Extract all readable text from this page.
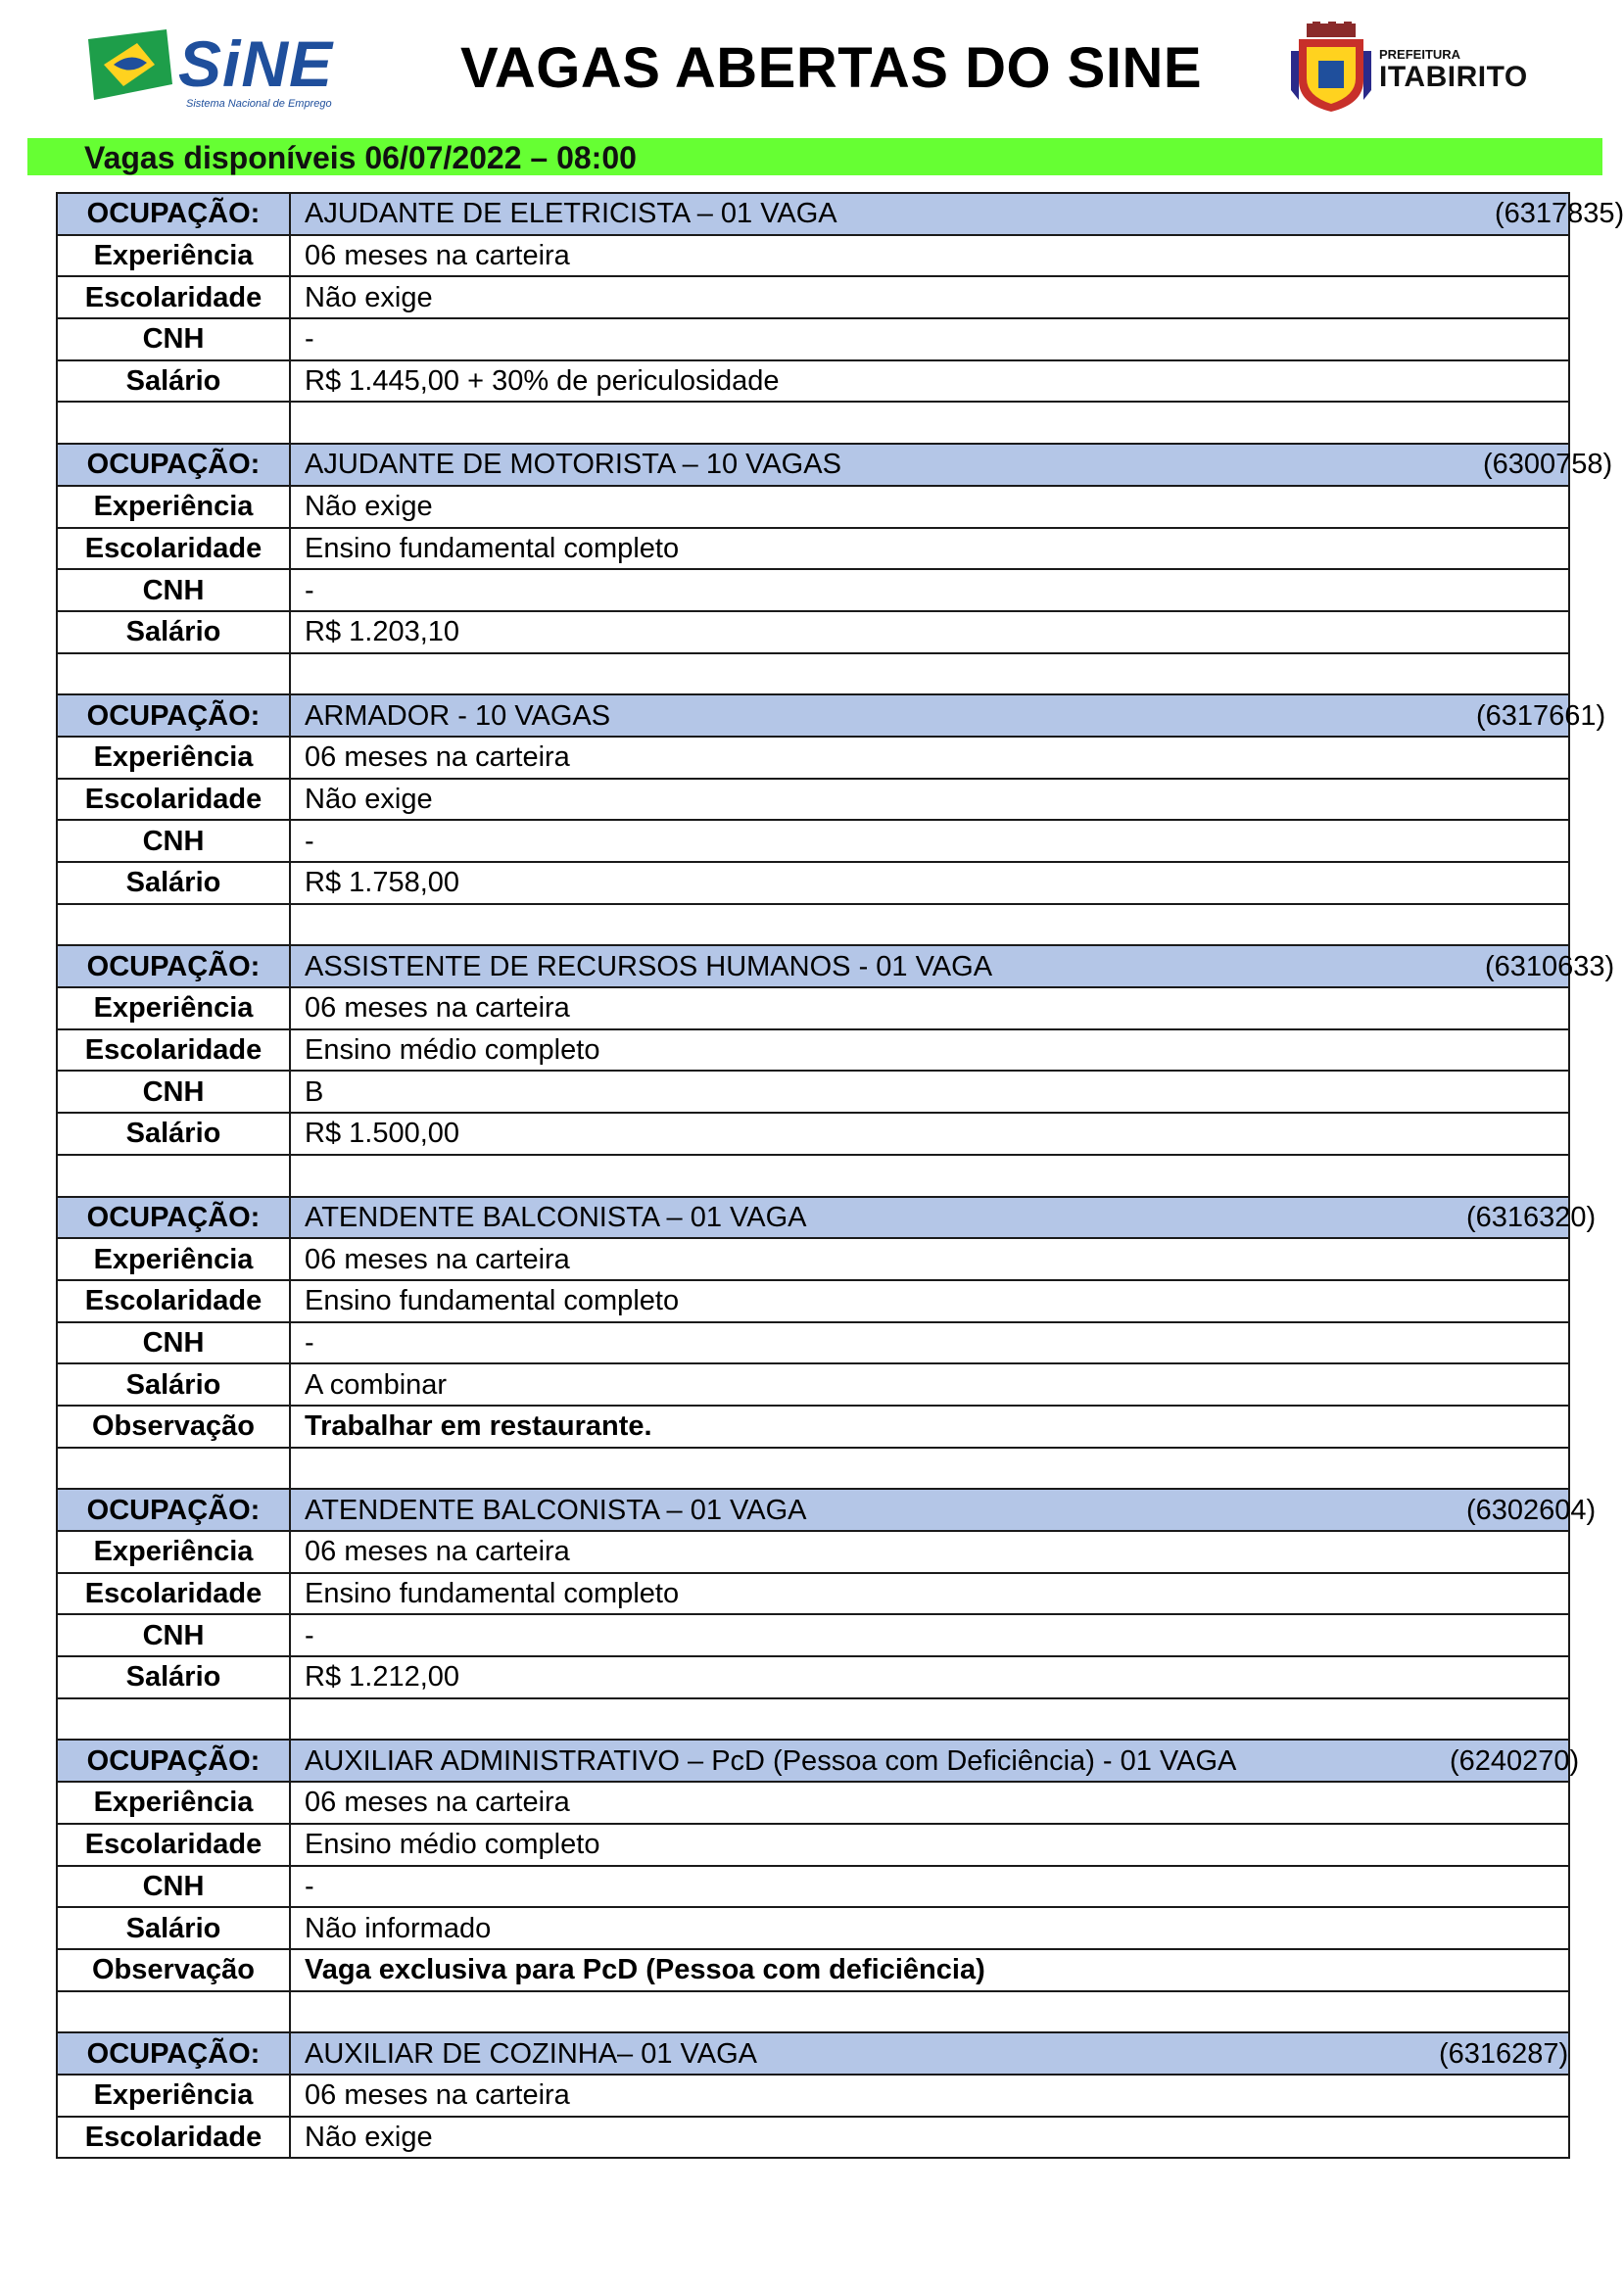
SiNE
Sistema Nacional de Emprego
VAGAS ABERTAS DO SINE	PREFEITURA
ITABIRITO
Vagas disponíveis 06/07/2022 – 08:00
OCUPAÇÃO:	AJUDANTE DE ELETRICISTA – 01 VAGA (6317835)

Experiência	06 meses na carteira
Escolaridade	Não exige
CNH	-
Salário	R$ 1.445,00 + 30% de periculosidade

OCUPAÇÃO:	AJUDANTE DE MOTORISTA – 10 VAGAS (6300758)

Experiência	Não exige
Escolaridade	Ensino fundamental completo
CNH	-
Salário	R$ 1.203,10

OCUPAÇÃO:	ARMADOR - 10 VAGAS (6317661)

Experiência	06 meses na carteira
Escolaridade	Não exige
CNH	-
Salário	R$ 1.758,00

OCUPAÇÃO:	ASSISTENTE DE RECURSOS HUMANOS - 01 VAGA (6310633)

Experiência	06 meses na carteira
Escolaridade	Ensino médio completo
CNH	B
Salário	R$ 1.500,00

OCUPAÇÃO:	ATENDENTE BALCONISTA – 01 VAGA (6316320)

Experiência	06 meses na carteira
Escolaridade	Ensino fundamental completo
CNH	-
Salário	A combinar
Observação	Trabalhar em restaurante.

OCUPAÇÃO:	ATENDENTE BALCONISTA – 01 VAGA (6302604)

Experiência	06 meses na carteira
Escolaridade	Ensino fundamental completo
CNH	-
Salário	R$ 1.212,00

OCUPAÇÃO:	AUXILIAR ADMINISTRATIVO – PcD (Pessoa com Deficiência) - 01 VAGA (6240270)

Experiência	06 meses na carteira
Escolaridade	Ensino médio completo
CNH	-
Salário	Não informado
Observação	Vaga exclusiva para PcD (Pessoa com deficiência)

OCUPAÇÃO:	AUXILIAR DE COZINHA– 01 VAGA (6316287)

Experiência	06 meses na carteira
Escolaridade	Não exige
